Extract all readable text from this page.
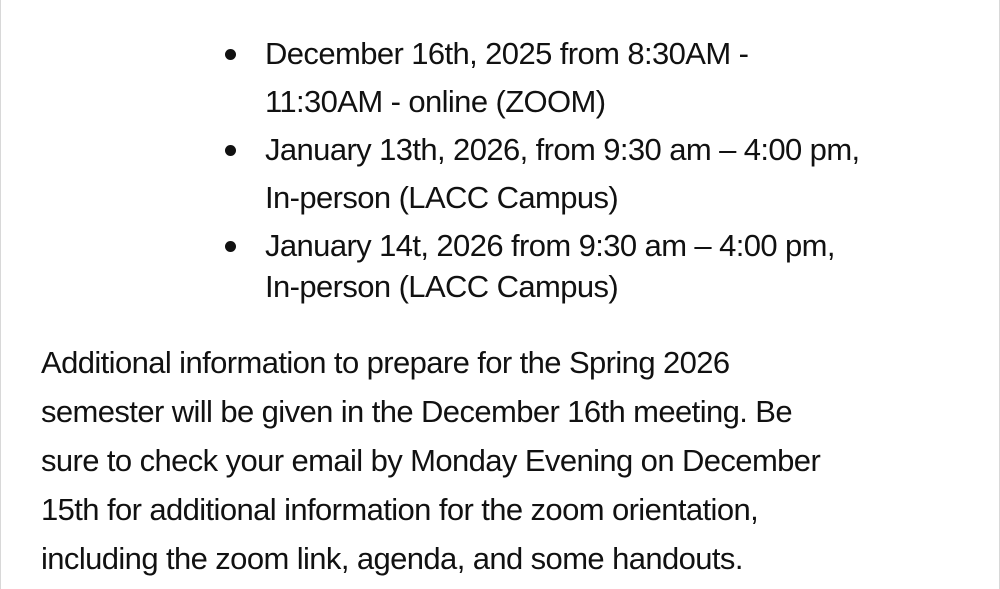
December 16th, 2025 from 8:30AM -
11:30AM - online (ZOOM)
January 13th, 2026, from 9:30 am – 4:00 pm,
In-person (LACC Campus)
January 14t, 2026 from 9:30 am – 4:00 pm,
In-person (LACC Campus)

Additional information to prepare for the Spring 2026
semester will be given in the December 16th meeting. Be
sure to check your email by Monday Evening on December
15th for additional information for the zoom orientation,
including the zoom link, agenda, and some handouts.
